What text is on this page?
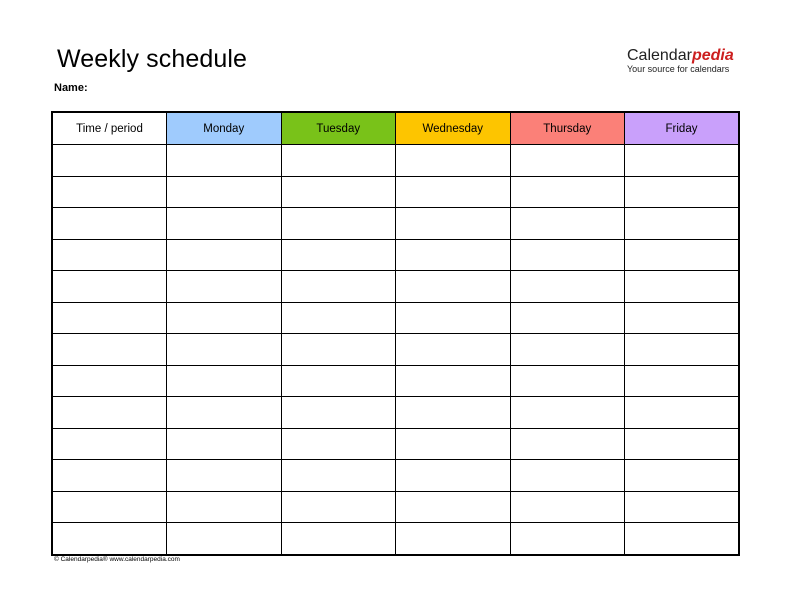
Weekly schedule
Name:
Calendarpedia
Your source for calendars
Time / period	Monday	Tuesday	Wednesday	Thursday	Friday

© Calendarpedia® www.calendarpedia.com
